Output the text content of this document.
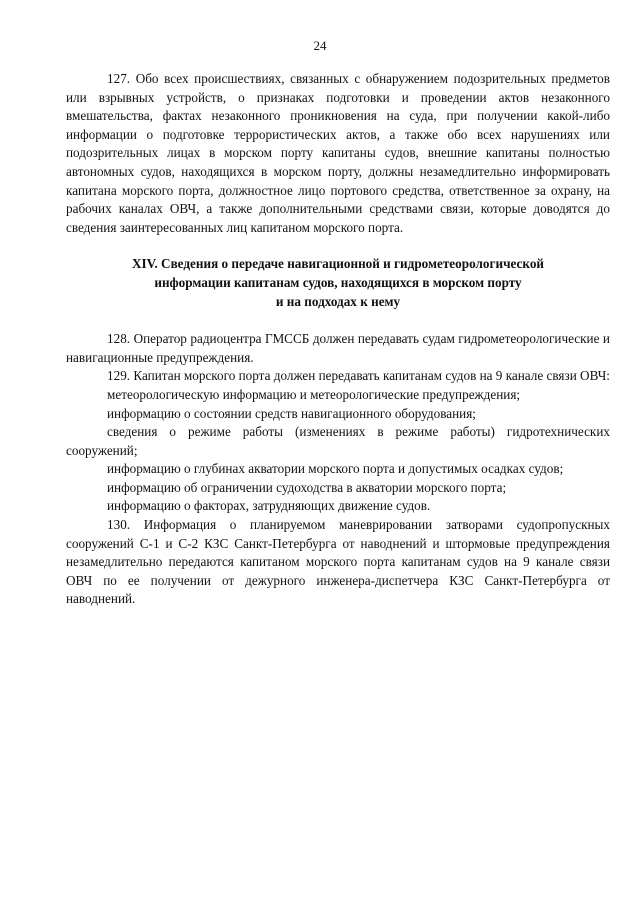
24

127. Обо всех происшествиях, связанных с обнаружением подозрительных предметов или взрывных устройств, о признаках подготовки и проведении актов незаконного вмешательства, фактах незаконного проникновения на суда, при получении какой-либо информации о подготовке террористических актов, а также обо всех нарушениях или подозрительных лицах в морском порту капитаны судов, внешние капитаны полностью автономных судов, находящихся в морском порту, должны незамедлительно информировать капитана морского порта, должностное лицо портового средства, ответственное за охрану, на рабочих каналах ОВЧ, а также дополнительными средствами связи, которые доводятся до сведения заинтересованных лиц капитаном морского порта.

XIV. Сведения о передаче навигационной и гидрометеорологической
информации капитанам судов, находящихся в морском порту
и на подходах к нему

128. Оператор радиоцентра ГМССБ должен передавать судам гидрометеорологические и навигационные предупреждения.

129. Капитан морского порта должен передавать капитанам судов на 9 канале связи ОВЧ:

метеорологическую информацию и метеорологические предупреждения;

информацию о состоянии средств навигационного оборудования;

сведения о режиме работы (изменениях в режиме работы) гидротехнических сооружений;

информацию о глубинах акватории морского порта и допустимых осадках судов;

информацию об ограничении судоходства в акватории морского порта;

информацию о факторах, затрудняющих движение судов.

130. Информация о планируемом маневрировании затворами судопропускных сооружений С-1 и С-2 КЗС Санкт-Петербурга от наводнений и штормовые предупреждения незамедлительно передаются капитаном морского порта капитанам судов на 9 канале связи ОВЧ по ее получении от дежурного инженера-диспетчера КЗС Санкт-Петербурга от наводнений.
